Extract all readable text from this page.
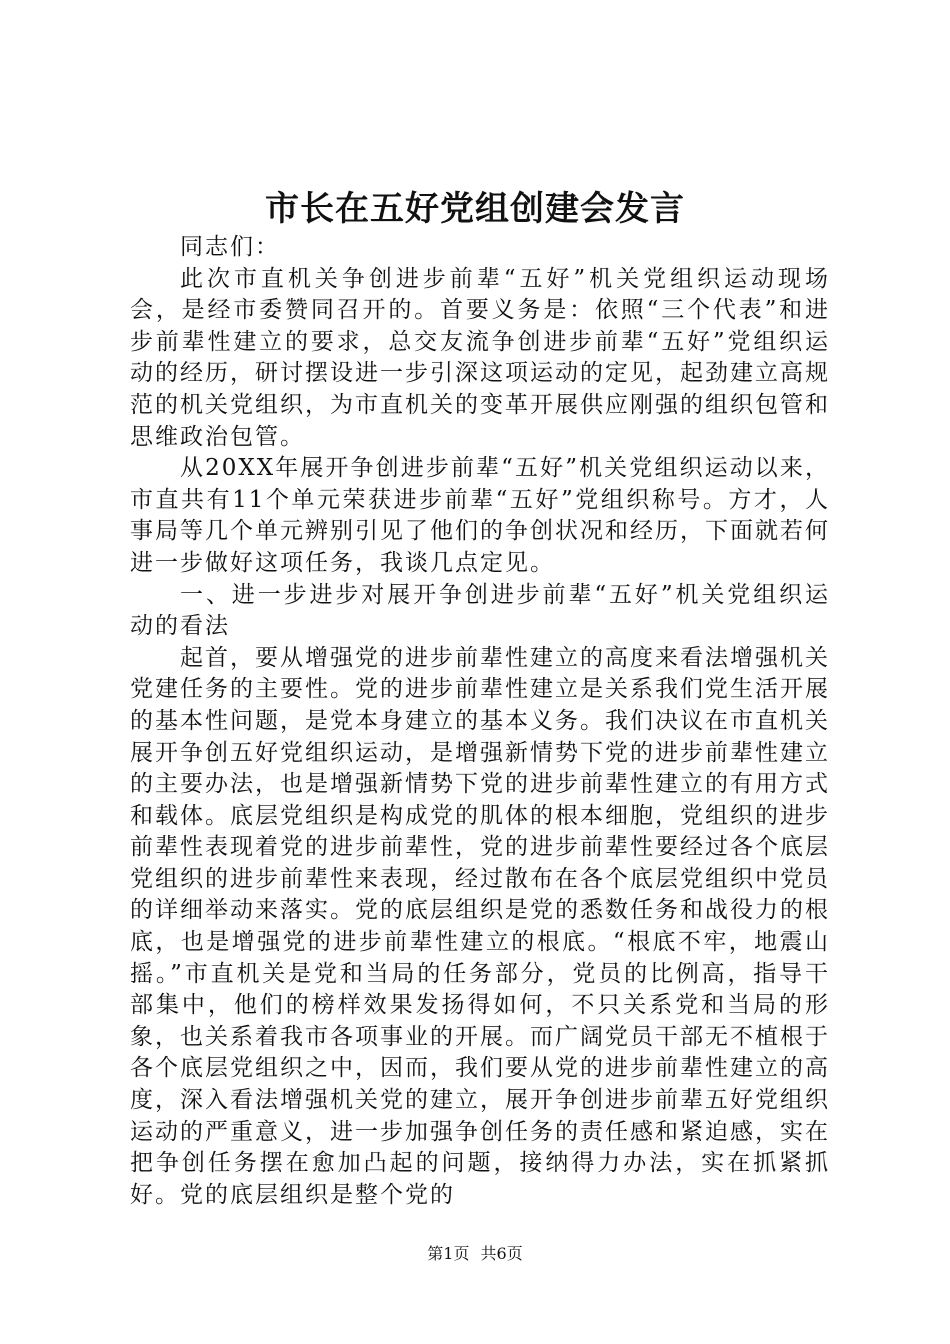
市长在五好党组创建会发言

同志们：

此次市直机关争创进步前辈“五好”机关党组织运动现场会，是经市委赞同召开的。首要义务是：依照“三个代表”和进步前辈性建立的要求，总交友流争创进步前辈“五好”党组织运动的经历，研讨摆设进一步引深这项运动的定见，起劲建立高规范的机关党组织，为市直机关的变革开展供应刚强的组织包管和思维政治包管。

从20XX年展开争创进步前辈“五好”机关党组织运动以来，市直共有11个单元荣获进步前辈“五好”党组织称号。方才，人事局等几个单元辨别引见了他们的争创状况和经历，下面就若何进一步做好这项任务，我谈几点定见。

一、进一步进步对展开争创进步前辈“五好”机关党组织运动的看法

起首，要从增强党的进步前辈性建立的高度来看法增强机关党建任务的主要性。党的进步前辈性建立是关系我们党生活开展的基本性问题，是党本身建立的基本义务。我们决议在市直机关展开争创五好党组织运动，是增强新情势下党的进步前辈性建立的主要办法，也是增强新情势下党的进步前辈性建立的有用方式和载体。底层党组织是构成党的肌体的根本细胞，党组织的进步前辈性表现着党的进步前辈性，党的进步前辈性要经过各个底层党组织的进步前辈性来表现，经过散布在各个底层党组织中党员的详细举动来落实。党的底层组织是党的悉数任务和战役力的根底，也是增强党的进步前辈性建立的根底。“根底不牢，地震山摇。”市直机关是党和当局的任务部分，党员的比例高，指导干部集中，他们的榜样效果发扬得如何，不只关系党和当局的形象，也关系着我市各项事业的开展。而广阔党员干部无不植根于各个底层党组织之中，因而，我们要从党的进步前辈性建立的高度，深入看法增强机关党的建立，展开争创进步前辈五好党组织运动的严重意义，进一步加强争创任务的责任感和紧迫感，实在把争创任务摆在愈加凸起的问题，接纳得力办法，实在抓紧抓好。党的底层组织是整个党的

第1页 共6页
